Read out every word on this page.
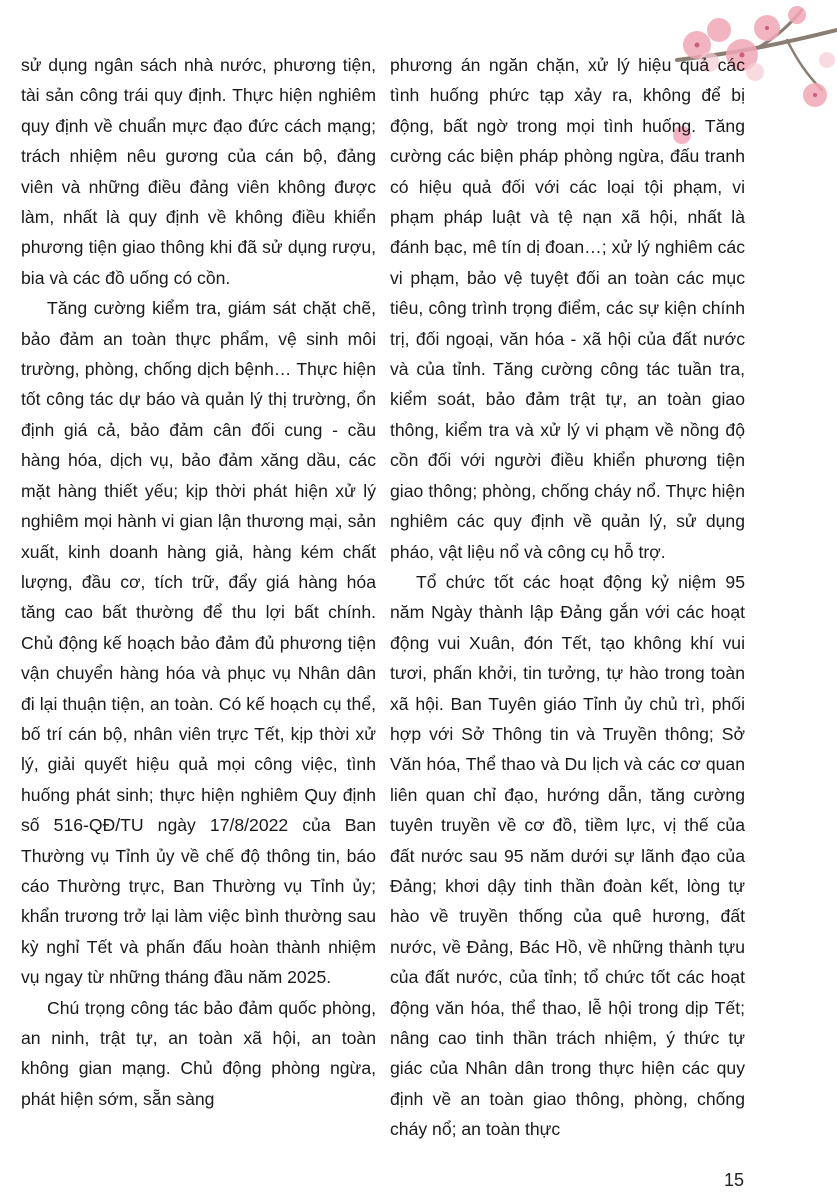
sử dụng ngân sách nhà nước, phương tiện, tài sản công trái quy định. Thực hiện nghiêm quy định về chuẩn mực đạo đức cách mạng; trách nhiệm nêu gương của cán bộ, đảng viên và những điều đảng viên không được làm, nhất là quy định về không điều khiển phương tiện giao thông khi đã sử dụng rượu, bia và các đồ uống có cồn.

Tăng cường kiểm tra, giám sát chặt chẽ, bảo đảm an toàn thực phẩm, vệ sinh môi trường, phòng, chống dịch bệnh… Thực hiện tốt công tác dự báo và quản lý thị trường, ổn định giá cả, bảo đảm cân đối cung - cầu hàng hóa, dịch vụ, bảo đảm xăng dầu, các mặt hàng thiết yếu; kịp thời phát hiện xử lý nghiêm mọi hành vi gian lận thương mại, sản xuất, kinh doanh hàng giả, hàng kém chất lượng, đầu cơ, tích trữ, đẩy giá hàng hóa tăng cao bất thường để thu lợi bất chính. Chủ động kế hoạch bảo đảm đủ phương tiện vận chuyển hàng hóa và phục vụ Nhân dân đi lại thuận tiện, an toàn. Có kế hoạch cụ thể, bố trí cán bộ, nhân viên trực Tết, kịp thời xử lý, giải quyết hiệu quả mọi công việc, tình huống phát sinh; thực hiện nghiêm Quy định số 516-QĐ/TU ngày 17/8/2022 của Ban Thường vụ Tỉnh ủy về chế độ thông tin, báo cáo Thường trực, Ban Thường vụ Tỉnh ủy; khẩn trương trở lại làm việc bình thường sau kỳ nghỉ Tết và phấn đấu hoàn thành nhiệm vụ ngay từ những tháng đầu năm 2025.

Chú trọng công tác bảo đảm quốc phòng, an ninh, trật tự, an toàn xã hội, an toàn không gian mạng. Chủ động phòng ngừa, phát hiện sớm, sẵn sàng

phương án ngăn chặn, xử lý hiệu quả các tình huống phức tạp xảy ra, không để bị động, bất ngờ trong mọi tình huống. Tăng cường các biện pháp phòng ngừa, đấu tranh có hiệu quả đối với các loại tội phạm, vi phạm pháp luật và tệ nạn xã hội, nhất là đánh bạc, mê tín dị đoan…; xử lý nghiêm các vi phạm, bảo vệ tuyệt đối an toàn các mục tiêu, công trình trọng điểm, các sự kiện chính trị, đối ngoại, văn hóa - xã hội của đất nước và của tỉnh. Tăng cường công tác tuần tra, kiểm soát, bảo đảm trật tự, an toàn giao thông, kiểm tra và xử lý vi phạm về nồng độ cồn đối với người điều khiển phương tiện giao thông; phòng, chống cháy nổ. Thực hiện nghiêm các quy định về quản lý, sử dụng pháo, vật liệu nổ và công cụ hỗ trợ.

Tổ chức tốt các hoạt động kỷ niệm 95 năm Ngày thành lập Đảng gắn với các hoạt động vui Xuân, đón Tết, tạo không khí vui tươi, phấn khởi, tin tưởng, tự hào trong toàn xã hội. Ban Tuyên giáo Tỉnh ủy chủ trì, phối hợp với Sở Thông tin và Truyền thông; Sở Văn hóa, Thể thao và Du lịch và các cơ quan liên quan chỉ đạo, hướng dẫn, tăng cường tuyên truyền về cơ đồ, tiềm lực, vị thế của đất nước sau 95 năm dưới sự lãnh đạo của Đảng; khơi dậy tinh thần đoàn kết, lòng tự hào về truyền thống của quê hương, đất nước, về Đảng, Bác Hồ, về những thành tựu của đất nước, của tỉnh; tổ chức tốt các hoạt động văn hóa, thể thao, lễ hội trong dịp Tết; nâng cao tinh thần trách nhiệm, ý thức tự giác của Nhân dân trong thực hiện các quy định về an toàn giao thông, phòng, chống cháy nổ; an toàn thực

15
